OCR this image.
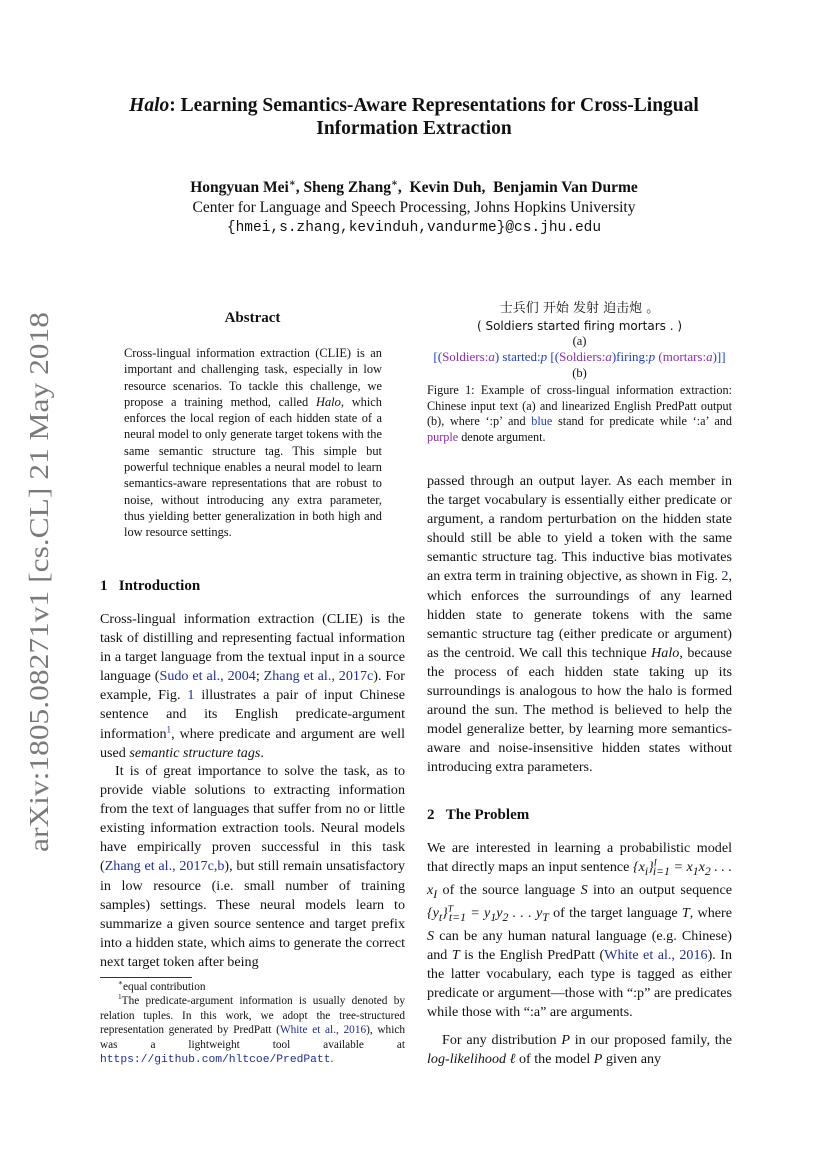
arXiv:1805.08271v1 [cs.CL] 21 May 2018
Halo: Learning Semantics-Aware Representations for Cross-Lingual
Information Extraction
Hongyuan Mei∗, Sheng Zhang∗,  Kevin Duh,  Benjamin Van Durme
Center for Language and Speech Processing, Johns Hopkins University
{hmei,s.zhang,kevinduh,vandurme}@cs.jhu.edu
Abstract
Cross-lingual information extraction (CLIE) is an important and challenging task, especially in low resource scenarios. To tackle this challenge, we propose a training method, called Halo, which enforces the local region of each hidden state of a neural model to only generate target tokens with the same semantic structure tag. This simple but powerful technique enables a neural model to learn semantics-aware representations that are robust to noise, without introducing any extra parameter, thus yielding better generalization in both high and low resource settings.
1 Introduction
Cross-lingual information extraction (CLIE) is the task of distilling and representing factual information in a target language from the textual input in a source language (Sudo et al., 2004; Zhang et al., 2017c). For example, Fig. 1 illustrates a pair of input Chinese sentence and its English predicate-argument information$^1$, where predicate and argument are well used semantic structure tags.
It is of great importance to solve the task, as to provide viable solutions to extracting information from the text of languages that suffer from no or little existing information extraction tools. Neural models have empirically proven successful in this task (Zhang et al., 2017c,b), but still remain unsatisfactory in low resource (i.e. small number of training samples) settings. These neural models learn to summarize a given source sentence and target prefix into a hidden state, which aims to generate the correct next target token after being
∗equal contribution
$^1$The predicate-argument information is usually denoted by relation tuples. In this work, we adopt the tree-structured representation generated by PredPatt (White et al., 2016), which was a lightweight tool available at https://github.com/hltcoe/PredPatt.
士兵们 开始 发射 迫击炮 。
( Soldiers started firing mortars . )
(a)
[(Soldiers:a) started:p [(Soldiers:a)firing:p (mortars:a)]]
(b)
Figure 1: Example of cross-lingual information extraction: Chinese input text (a) and linearized English PredPatt output (b), where ‘:p’ and blue stand for predicate while ‘:a’ and purple denote argument.
passed through an output layer. As each member in the target vocabulary is essentially either predicate or argument, a random perturbation on the hidden state should still be able to yield a token with the same semantic structure tag. This inductive bias motivates an extra term in training objective, as shown in Fig. 2, which enforces the surroundings of any learned hidden state to generate tokens with the same semantic structure tag (either predicate or argument) as the centroid. We call this technique Halo, because the process of each hidden state taking up its surroundings is analogous to how the halo is formed around the sun. The method is believed to help the model generalize better, by learning more semantics-aware and noise-insensitive hidden states without introducing extra parameters.
2 The Problem
We are interested in learning a probabilistic model that directly maps an input sentence $\{x_i\}^I_{i=1} = x_1x_2$ . . . $x_I$ of the source language S into an output sequence $\{y_t\}^T_{t=1} = y_1y_2$ . . . $y_T$ of the target language T, where S can be any human natural language (e.g. Chinese) and T is the English PredPatt (White et al., 2016). In the latter vocabulary, each type is tagged as either predicate or argument—those with “:p” are predicates while those with “:a” are arguments.
For any distribution P in our proposed family, the log-likelihood ℓ of the model P given any
